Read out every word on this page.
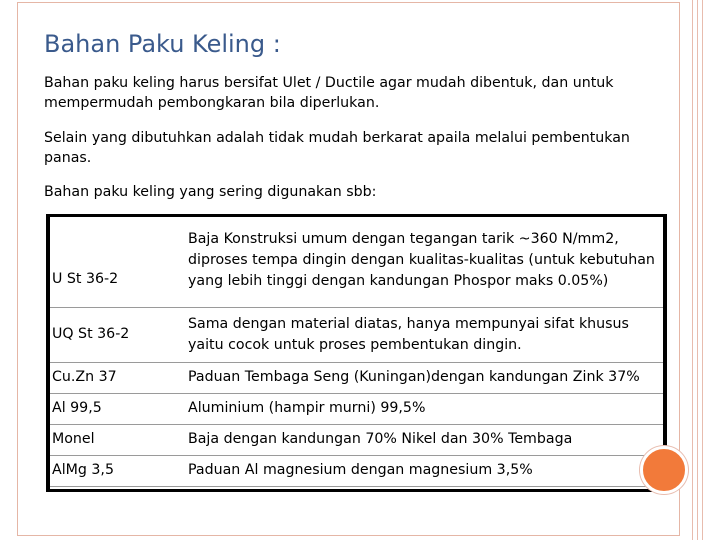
Bahan Paku Keling :
Bahan paku keling harus bersifat Ulet / Ductile agar mudah dibentuk, dan untuk mempermudah pembongkaran bila diperlukan.
Selain yang dibutuhkan adalah tidak mudah berkarat apaila melalui pembentukan panas.
Bahan paku keling yang sering digunakan sbb:
U St 36-2	Baja Konstruksi umum dengan tegangan tarik ~360 N/mm2, diproses tempa dingin dengan kualitas-kualitas (untuk kebutuhan yang lebih tinggi dengan kandungan Phospor maks 0.05%)
UQ St 36-2	Sama dengan material diatas, hanya mempunyai sifat khusus yaitu cocok untuk proses pembentukan dingin.
Cu.Zn 37	Paduan Tembaga Seng (Kuningan)dengan kandungan Zink 37%
Al 99,5	Aluminium (hampir murni) 99,5%
Monel	Baja dengan kandungan 70% Nikel dan 30% Tembaga
AlMg 3,5	Paduan Al magnesium dengan magnesium 3,5%
